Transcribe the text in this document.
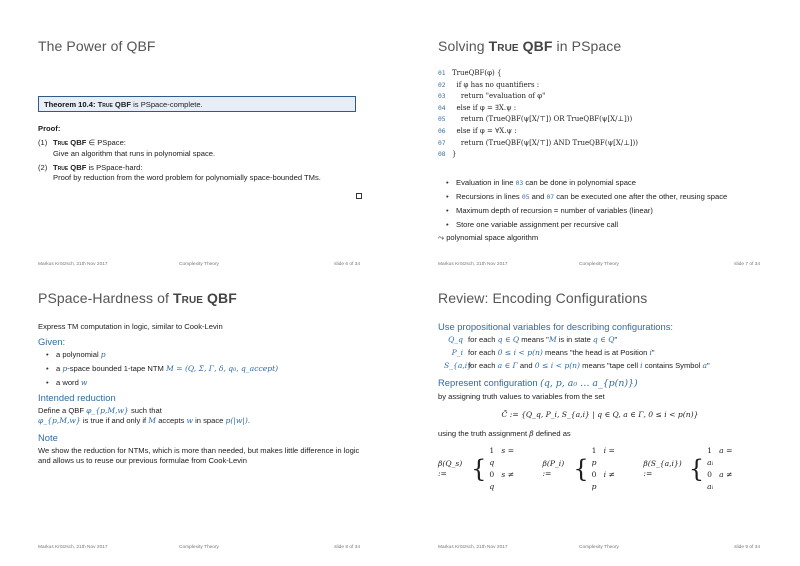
The Power of QBF
Theorem 10.4: True QBF is PSpace-complete.
Proof:
(1) True QBF ∈ PSpace:
Give an algorithm that runs in polynomial space.
(2) True QBF is PSpace-hard:
Proof by reduction from the word problem for polynomially space-bounded TMs.
Markus Krötzsch, 21th Nov 2017	Complexity Theory	slide 6 of 34
Solving True QBF in PSpace
01 TrueQBF(φ) {
02  if φ has no quantifiers :
03    return "evaluation of φ"
04  else if φ = ∃X.ψ :
05    return (TrueQBF(ψ[X/⊤]) OR TrueQBF(ψ[X/⊥]))
06  else if φ = ∀X.ψ :
07    return (TrueQBF(ψ[X/⊤]) AND TrueQBF(ψ[X/⊥]))
08 }
• Evaluation in line 03 can be done in polynomial space
• Recursions in lines 05 and 07 can be executed one after the other, reusing space
• Maximum depth of recursion = number of variables (linear)
• Store one variable assignment per recursive call
⤳ polynomial space algorithm
Markus Krötzsch, 21th Nov 2017	Complexity Theory	slide 7 of 34
PSpace-Hardness of True QBF
Express TM computation in logic, similar to Cook-Levin
Given:
• a polynomial p
• a p-space bounded 1-tape NTM M = (Q, Σ, Γ, δ, q₀, q_accept)
• a word w
Intended reduction
Define a QBF φ_{p,M,w} such that
φ_{p,M,w} is true if and only if M accepts w in space p(|w|).
Note
We show the reduction for NTMs, which is more than needed, but makes little difference in logic and allows us to reuse our previous formulae from Cook-Levin
Markus Krötzsch, 21th Nov 2017	Complexity Theory	slide 8 of 34
Review: Encoding Configurations
Use propositional variables for describing configurations:
Q_q for each q ∈ Q means "M is in state q ∈ Q"
P_i for each 0 ≤ i < p(n) means "the head is at Position i"
S_{a,i}
for each a ∈ Γ and 0 ≤ i < p(n) means "tape cell i contains Symbol a"
Represent configuration (q, p, a₀ … a_{p(n)})
by assigning truth values to variables from the set
C̄ := {Q_q, P_i, S_{a,i} | q ∈ Q, a ∈ Γ, 0 ≤ i < p(n)}
using the truth assignment β defined as
β(Q_s) :=	{
1 s = q
0 s ≠ q
β(P_i) := {
1 i = p
0 i ≠ p
β(S_{a,i}) :=	{
1 a = aᵢ
0 a ≠ aᵢ
Markus Krötzsch, 21th Nov 2017	Complexity Theory	slide 9 of 34
